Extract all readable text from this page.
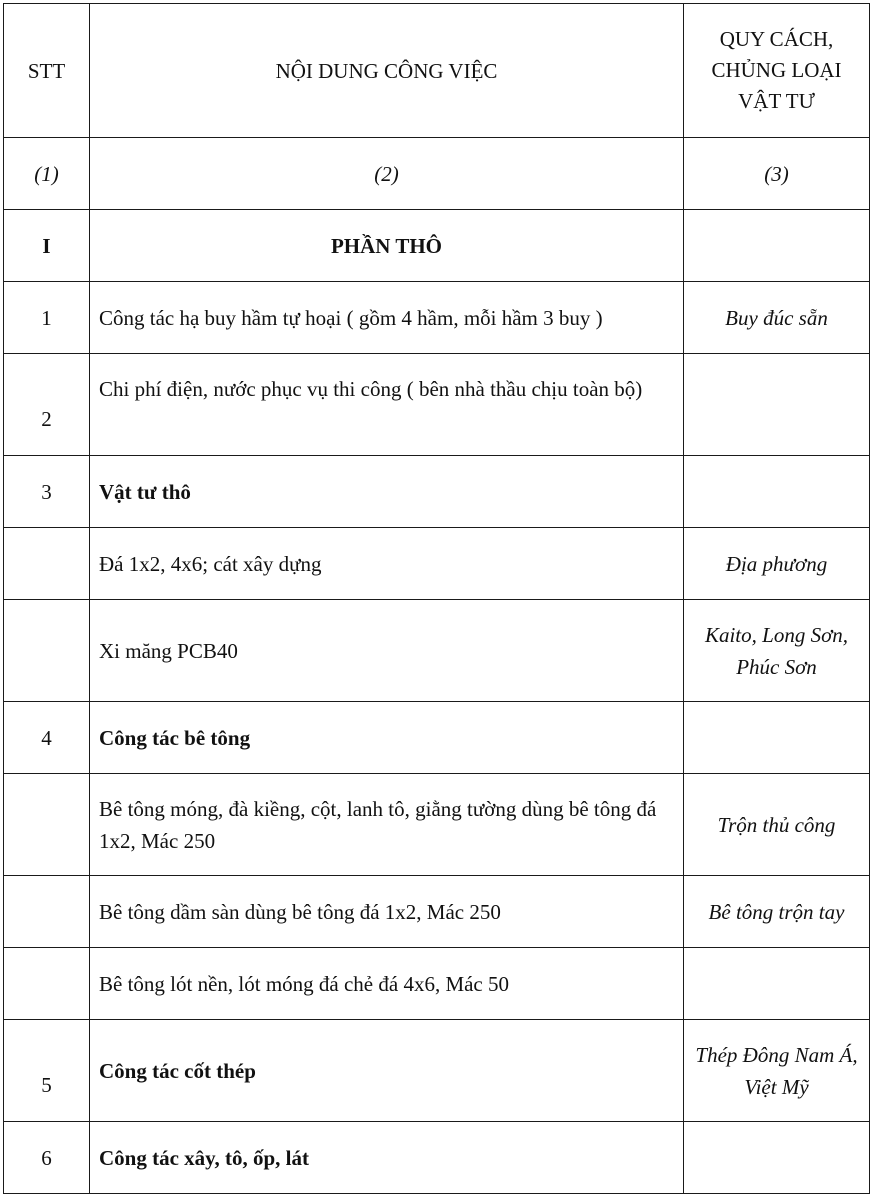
STT	NỘI DUNG CÔNG VIỆC	QUY CÁCH,
CHỦNG LOẠI
VẬT TƯ
(1)	(2)	(3)
I	PHẦN THÔ	
1	Công tác hạ buy hầm tự hoại ( gồm 4 hầm, mỗi hầm 3 buy )	Buy đúc sẵn
2	Chi phí điện, nước phục vụ thi công ( bên nhà thầu chịu toàn bộ)	
3	Vật tư thô	
	Đá 1x2, 4x6; cát xây dựng	Địa phương
	Xi măng PCB40	Kaito, Long Sơn, Phúc Sơn
4	Công tác bê tông	
	Bê tông móng, đà kiềng, cột, lanh tô, giằng tường dùng bê tông đá 1x2, Mác 250	Trộn thủ công
	Bê tông dầm sàn dùng bê tông đá 1x2, Mác 250	Bê tông trộn tay
	Bê tông lót nền, lót móng đá chẻ đá 4x6, Mác 50	
5	Công tác cốt thép	Thép Đông Nam Á, Việt Mỹ
6	Công tác xây, tô, ốp, lát	
